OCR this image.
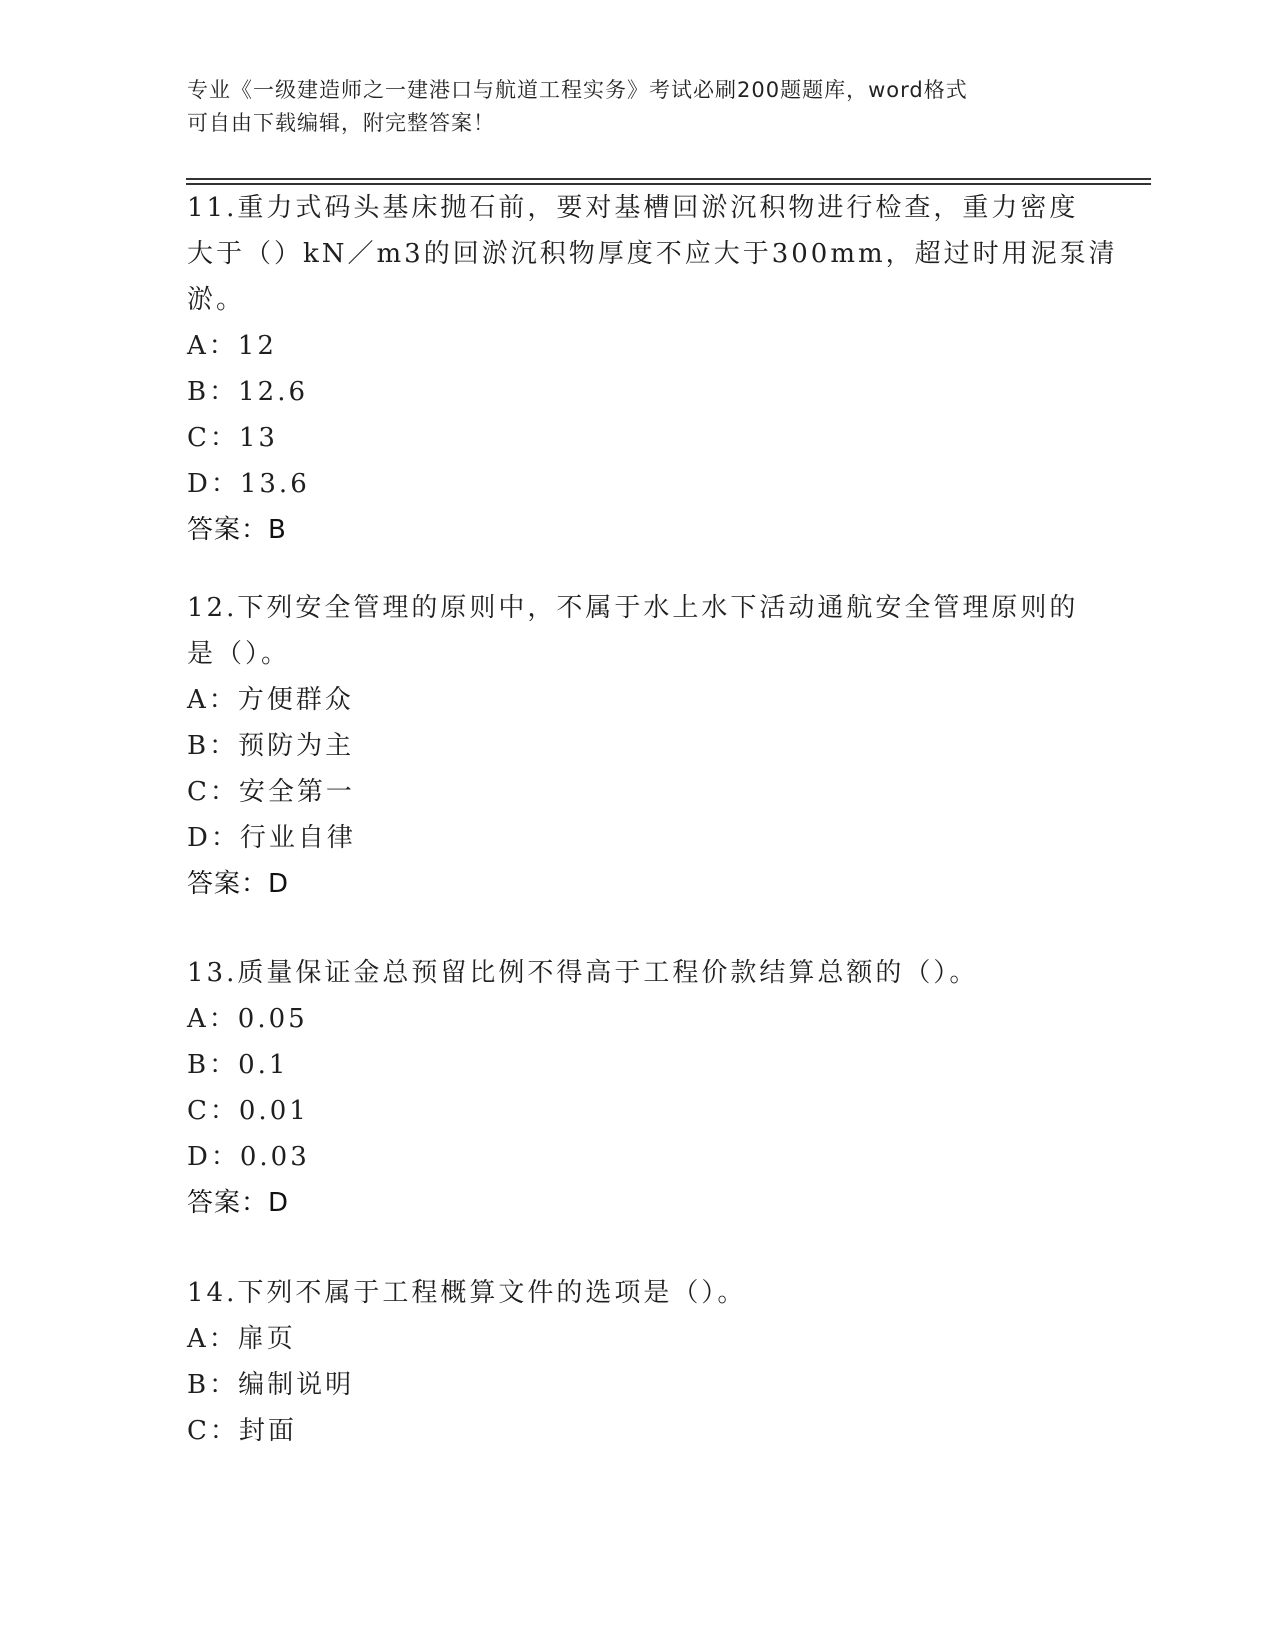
专业《一级建造师之一建港口与航道工程实务》考试必刷200题题库，word格式
可自由下载编辑，附完整答案！
11.重力式码头基床抛石前，要对基槽回淤沉积物进行检查，重力密度
大于（）kN／m3的回淤沉积物厚度不应大于300mm，超过时用泥泵清
淤。
A：12
B：12.6
C：13
D：13.6
答案：B
12.下列安全管理的原则中，不属于水上水下活动通航安全管理原则的
是（）。
A：方便群众
B：预防为主
C：安全第一
D：行业自律
答案：D
13.质量保证金总预留比例不得高于工程价款结算总额的（）。
A：0.05
B：0.1
C：0.01
D：0.03
答案：D
14.下列不属于工程概算文件的选项是（）。
A：扉页
B：编制说明
C：封面
